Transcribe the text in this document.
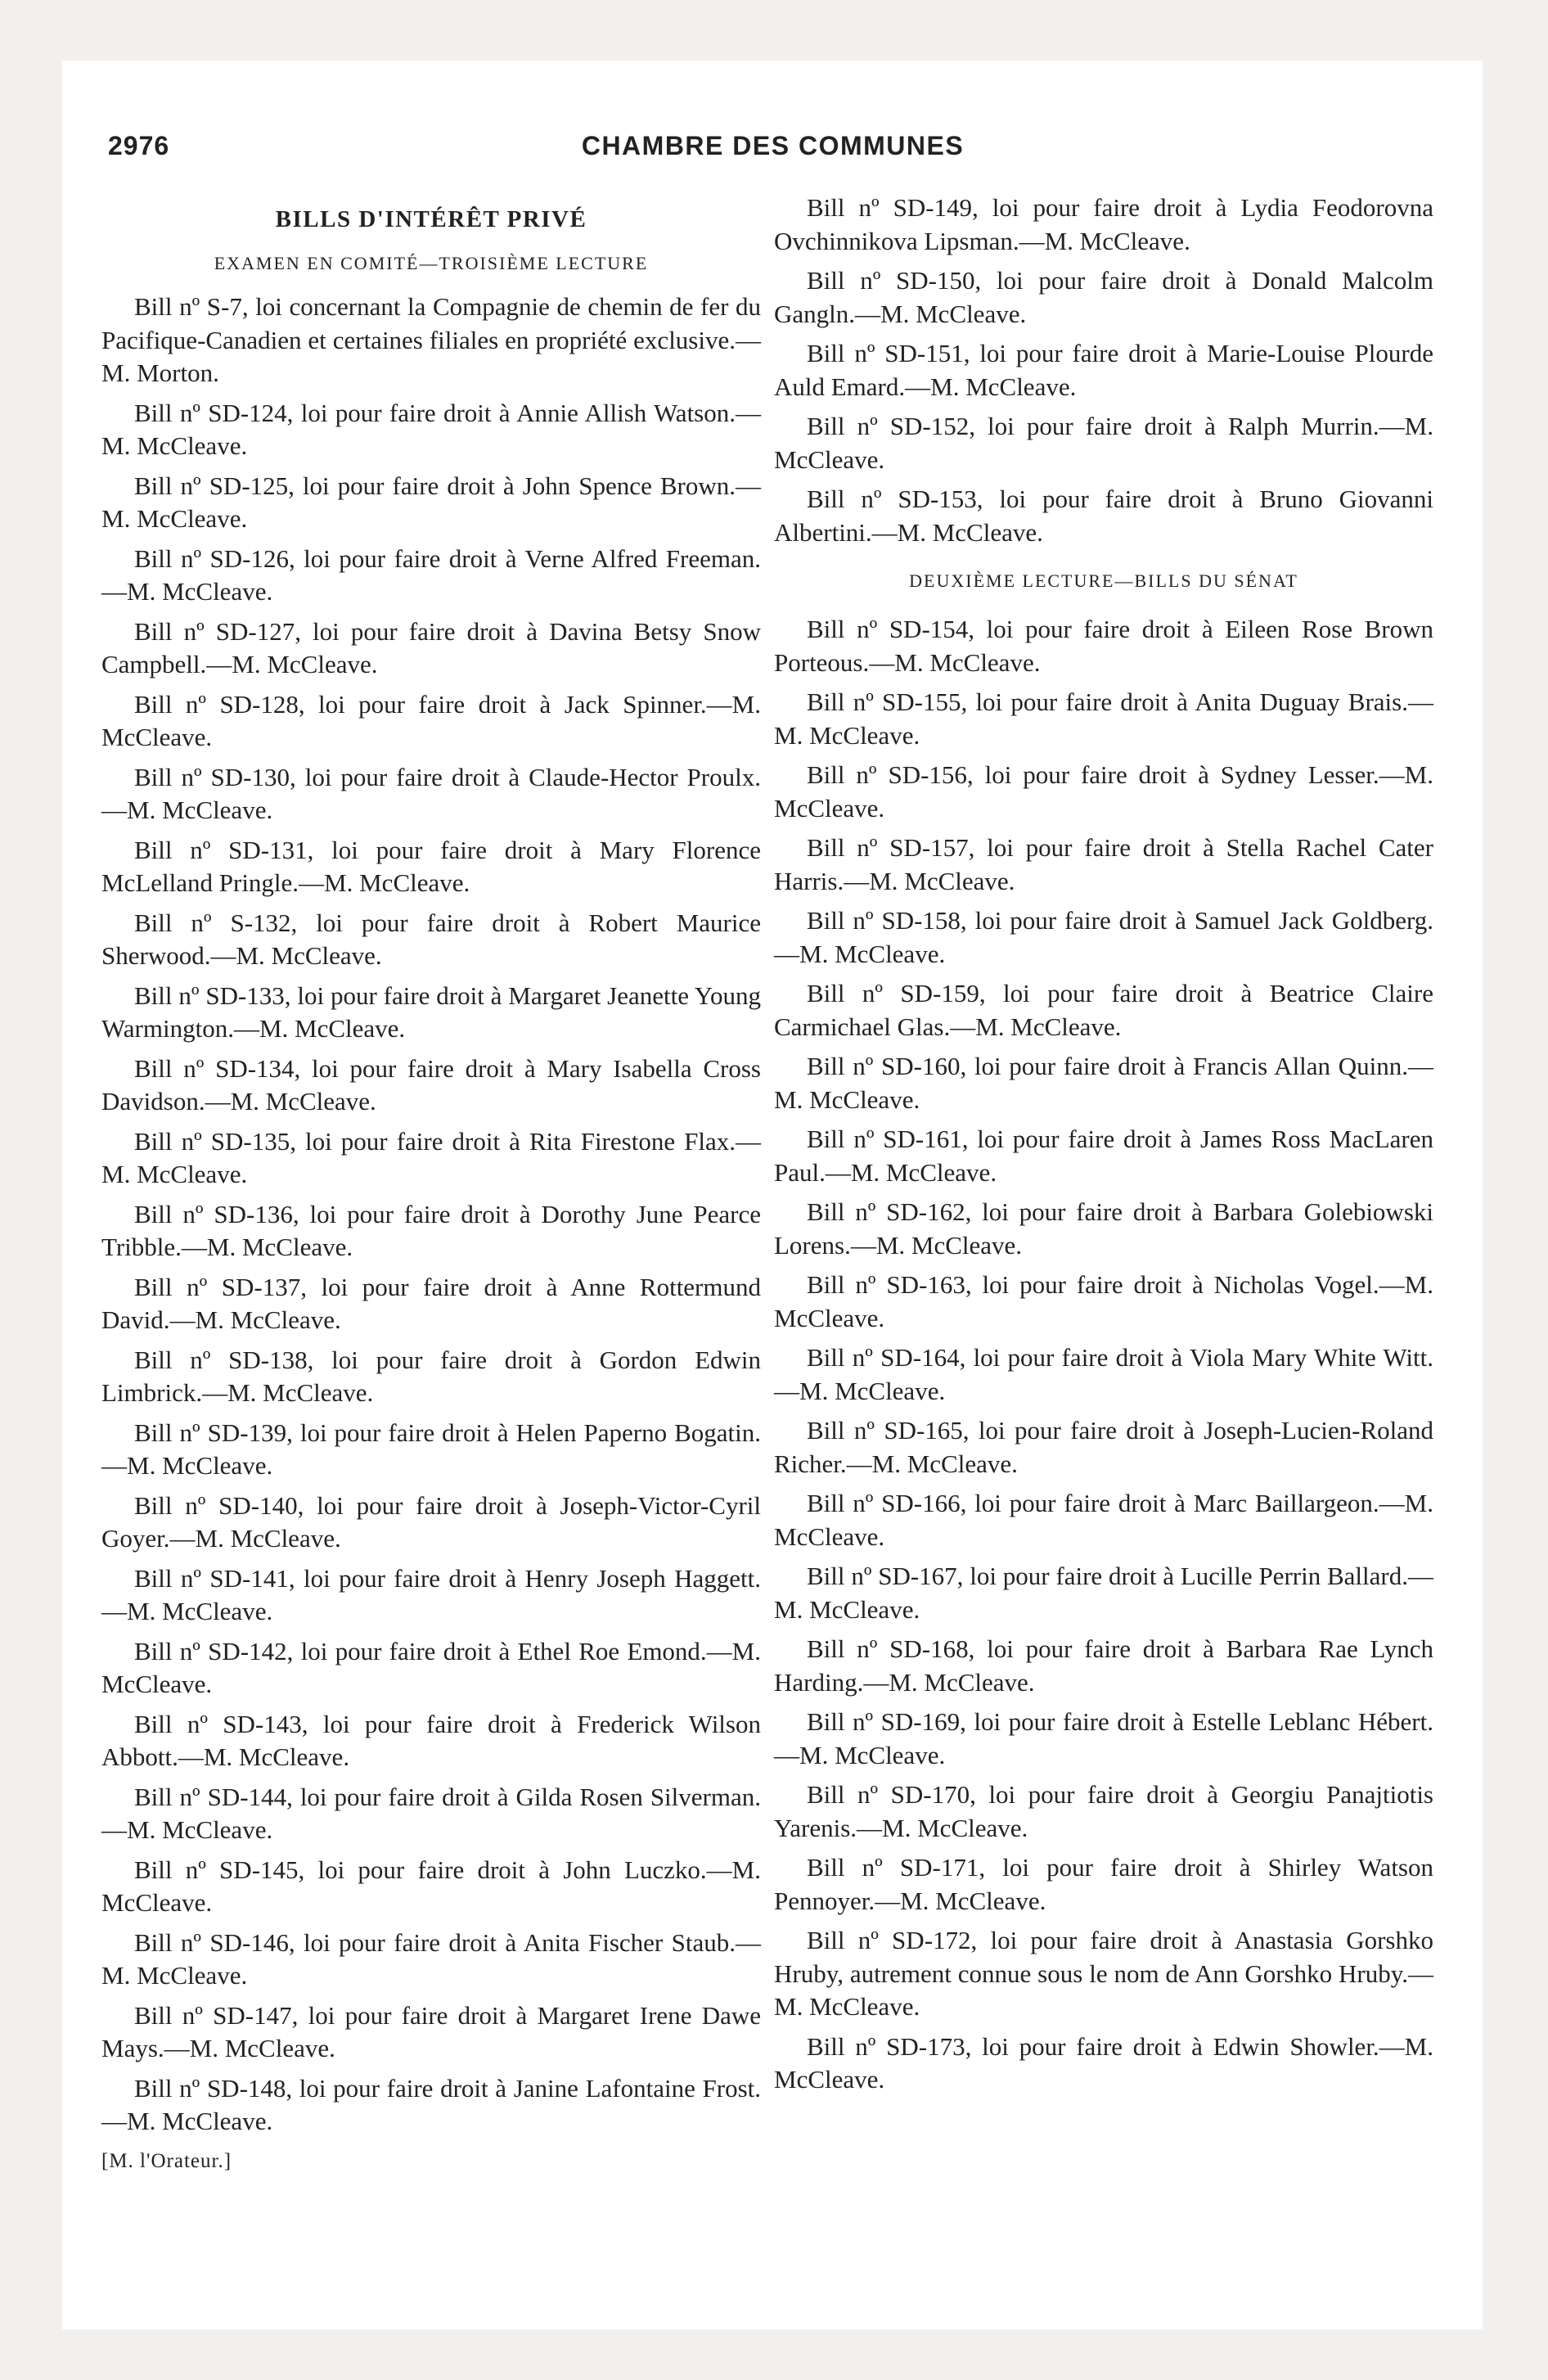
2976	CHAMBRE DES COMMUNES
BILLS D'INTÉRÊT PRIVÉ
EXAMEN EN COMITÉ—TROISIÈME LECTURE

Bill nº S-7, loi concernant la Compagnie de chemin de fer du Pacifique-Canadien et certaines filiales en propriété exclusive.—M. Morton.

Bill nº SD-124, loi pour faire droit à Annie Allish Watson.—M. McCleave.

Bill nº SD-125, loi pour faire droit à John Spence Brown.—M. McCleave.

Bill nº SD-126, loi pour faire droit à Verne Alfred Freeman.—M. McCleave.

Bill nº SD-127, loi pour faire droit à Davina Betsy Snow Campbell.—M. McCleave.

Bill nº SD-128, loi pour faire droit à Jack Spinner.—M. McCleave.

Bill nº SD-130, loi pour faire droit à Claude-Hector Proulx.—M. McCleave.

Bill nº SD-131, loi pour faire droit à Mary Florence McLelland Pringle.—M. McCleave.

Bill nº S-132, loi pour faire droit à Robert Maurice Sherwood.—M. McCleave.

Bill nº SD-133, loi pour faire droit à Margaret Jeanette Young Warmington.—M. McCleave.

Bill nº SD-134, loi pour faire droit à Mary Isabella Cross Davidson.—M. McCleave.

Bill nº SD-135, loi pour faire droit à Rita Firestone Flax.—M. McCleave.

Bill nº SD-136, loi pour faire droit à Dorothy June Pearce Tribble.—M. McCleave.

Bill nº SD-137, loi pour faire droit à Anne Rottermund David.—M. McCleave.

Bill nº SD-138, loi pour faire droit à Gordon Edwin Limbrick.—M. McCleave.

Bill nº SD-139, loi pour faire droit à Helen Paperno Bogatin.—M. McCleave.

Bill nº SD-140, loi pour faire droit à Joseph-Victor-Cyril Goyer.—M. McCleave.

Bill nº SD-141, loi pour faire droit à Henry Joseph Haggett.—M. McCleave.

Bill nº SD-142, loi pour faire droit à Ethel Roe Emond.—M. McCleave.

Bill nº SD-143, loi pour faire droit à Frederick Wilson Abbott.—M. McCleave.

Bill nº SD-144, loi pour faire droit à Gilda Rosen Silverman.—M. McCleave.

Bill nº SD-145, loi pour faire droit à John Luczko.—M. McCleave.

Bill nº SD-146, loi pour faire droit à Anita Fischer Staub.—M. McCleave.

Bill nº SD-147, loi pour faire droit à Margaret Irene Dawe Mays.—M. McCleave.

Bill nº SD-148, loi pour faire droit à Janine Lafontaine Frost.—M. McCleave.

[M. l'Orateur.]

Bill nº SD-149, loi pour faire droit à Lydia Feodorovna Ovchinnikova Lipsman.—M. McCleave.

Bill nº SD-150, loi pour faire droit à Donald Malcolm Gangln.—M. McCleave.

Bill nº SD-151, loi pour faire droit à Marie-Louise Plourde Auld Emard.—M. McCleave.

Bill nº SD-152, loi pour faire droit à Ralph Murrin.—M. McCleave.

Bill nº SD-153, loi pour faire droit à Bruno Giovanni Albertini.—M. McCleave.

DEUXIÈME LECTURE—BILLS DU SÉNAT

Bill nº SD-154, loi pour faire droit à Eileen Rose Brown Porteous.—M. McCleave.

Bill nº SD-155, loi pour faire droit à Anita Duguay Brais.—M. McCleave.

Bill nº SD-156, loi pour faire droit à Sydney Lesser.—M. McCleave.

Bill nº SD-157, loi pour faire droit à Stella Rachel Cater Harris.—M. McCleave.

Bill nº SD-158, loi pour faire droit à Samuel Jack Goldberg.—M. McCleave.

Bill nº SD-159, loi pour faire droit à Beatrice Claire Carmichael Glas.—M. McCleave.

Bill nº SD-160, loi pour faire droit à Francis Allan Quinn.—M. McCleave.

Bill nº SD-161, loi pour faire droit à James Ross MacLaren Paul.—M. McCleave.

Bill nº SD-162, loi pour faire droit à Barbara Golebiowski Lorens.—M. McCleave.

Bill nº SD-163, loi pour faire droit à Nicholas Vogel.—M. McCleave.

Bill nº SD-164, loi pour faire droit à Viola Mary White Witt.—M. McCleave.

Bill nº SD-165, loi pour faire droit à Joseph-Lucien-Roland Richer.—M. McCleave.

Bill nº SD-166, loi pour faire droit à Marc Baillargeon.—M. McCleave.

Bill nº SD-167, loi pour faire droit à Lucille Perrin Ballard.—M. McCleave.

Bill nº SD-168, loi pour faire droit à Barbara Rae Lynch Harding.—M. McCleave.

Bill nº SD-169, loi pour faire droit à Estelle Leblanc Hébert.—M. McCleave.

Bill nº SD-170, loi pour faire droit à Georgiu Panajtiotis Yarenis.—M. McCleave.

Bill nº SD-171, loi pour faire droit à Shirley Watson Pennoyer.—M. McCleave.

Bill nº SD-172, loi pour faire droit à Anastasia Gorshko Hruby, autrement connue sous le nom de Ann Gorshko Hruby.—M. McCleave.

Bill nº SD-173, loi pour faire droit à Edwin Showler.—M. McCleave.
